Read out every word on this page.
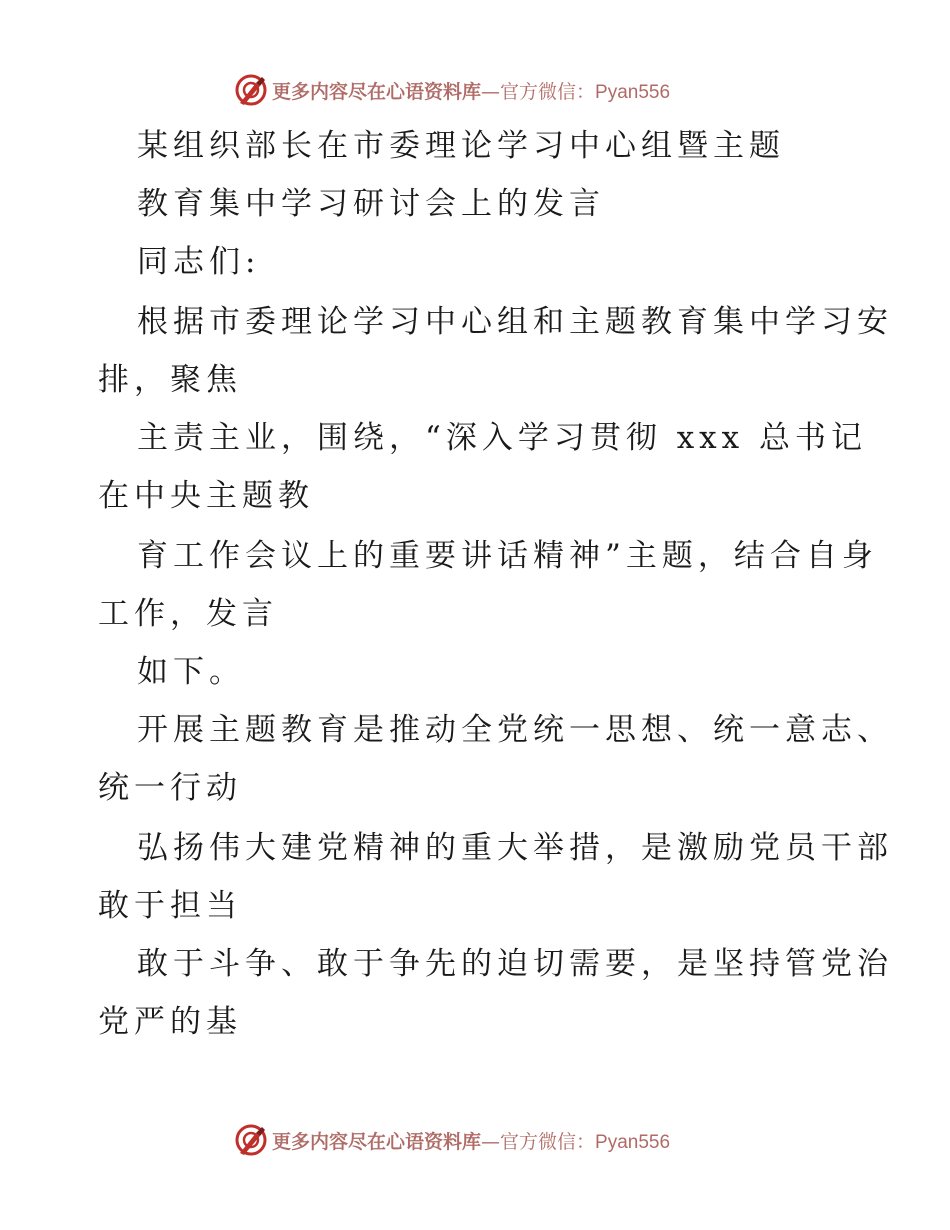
更多内容尽在心语资料库—官方微信：Pyan556
某组织部长在市委理论学习中心组暨主题
教育集中学习研讨会上的发言
同志们:
根据市委理论学习中心组和主题教育集中学习安
排，聚焦
主责主业，围绕，“深入学习贯彻 xxx 总书记
在中央主题教
育工作会议上的重要讲话精神”主题，结合自身
工作，发言
如下。
开展主题教育是推动全党统一思想、统一意志、
统一行动
弘扬伟大建党精神的重大举措，是激励党员干部
敢于担当
敢于斗争、敢于争先的迫切需要，是坚持管党治
党严的基
更多内容尽在心语资料库—官方微信：Pyan556
